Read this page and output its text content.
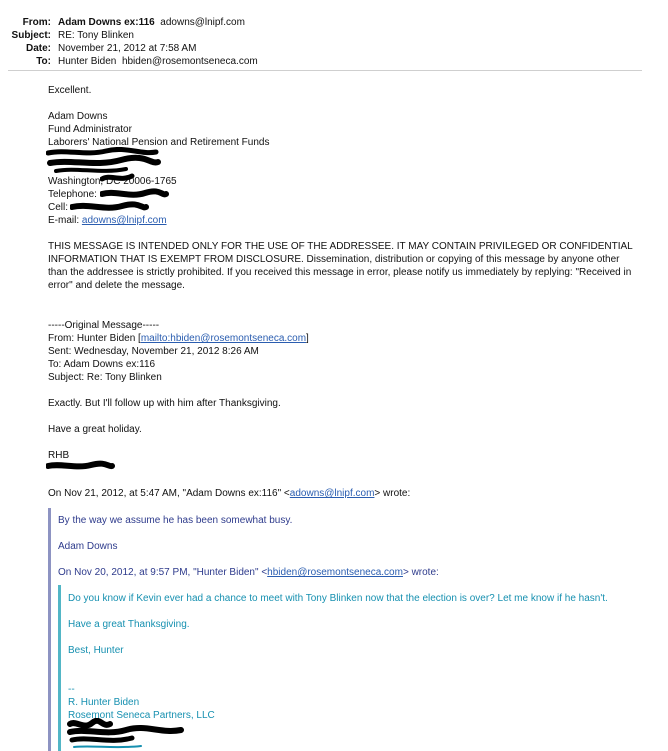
From: Adam Downs ex:116 adowns@lnipf.com
Subject: RE: Tony Blinken
Date: November 21, 2012 at 7:58 AM
To: Hunter Biden hbiden@rosemontseneca.com
Excellent.
Adam Downs
Fund Administrator
Laborers' National Pension and Retirement Funds
Washington, DC 20006-1765
Telephone:
Cell:
E-mail: adowns@lnipf.com
THIS MESSAGE IS INTENDED ONLY FOR THE USE OF THE ADDRESSEE. IT MAY CONTAIN PRIVILEGED OR CONFIDENTIAL INFORMATION THAT IS EXEMPT FROM DISCLOSURE. Dissemination, distribution or copying of this message by anyone other than the addressee is strictly prohibited. If you received this message in error, please notify us immediately by replying: "Received in error" and delete the message.
-----Original Message-----
From: Hunter Biden [mailto:hbiden@rosemontseneca.com]
Sent: Wednesday, November 21, 2012 8:26 AM
To: Adam Downs ex:116
Subject: Re: Tony Blinken
Exactly. But I'll follow up with him after Thanksgiving.
Have a great holiday.
RHB
On Nov 21, 2012, at 5:47 AM, "Adam Downs ex:116" <adowns@lnipf.com> wrote:
By the way we assume he has been somewhat busy.
Adam Downs
On Nov 20, 2012, at 9:57 PM, "Hunter Biden" <hbiden@rosemontseneca.com> wrote:
Do you know if Kevin ever had a chance to meet with Tony Blinken now that the election is over? Let me know if he hasn't.
Have a great Thanksgiving.
Best, Hunter
--
R. Hunter Biden
Rosemont Seneca Partners, LLC
